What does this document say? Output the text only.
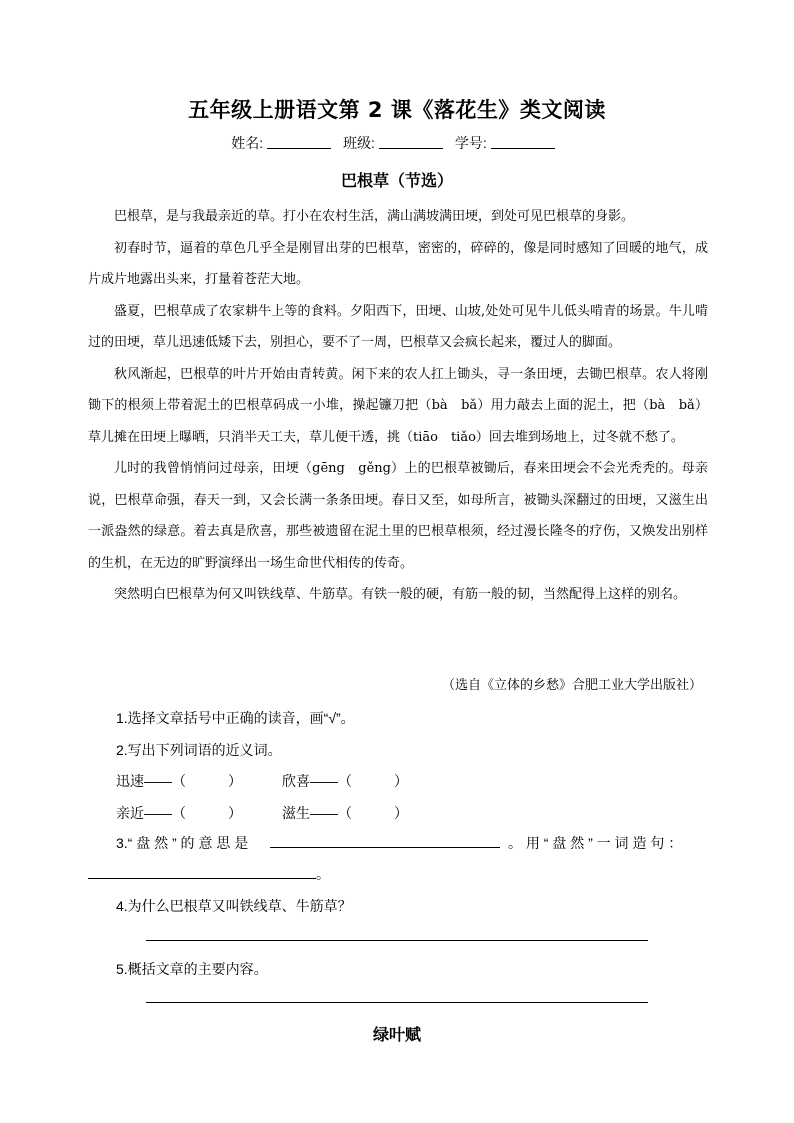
五年级上册语文第 2 课《落花生》类文阅读
姓名:	班级:	学号:
巴根草（节选）

巴根草，是与我最亲近的草。打小在农村生活，满山满坡满田埂，到处可见巴根草的身影。

初春时节，逼着的草色几乎全是刚冒出芽的巴根草，密密的，碎碎的，像是同时感知了回暖的地气，成片成片地露出头来，打量着苍茫大地。

盛夏，巴根草成了农家耕牛上等的食料。夕阳西下，田埂、山坡,处处可见牛儿低头啃青的场景。牛儿啃过的田埂，草儿迅速低矮下去，别担心，要不了一周，巴根草又会疯长起来，覆过人的脚面。

秋风渐起，巴根草的叶片开始由青转黄。闲下来的农人扛上锄头，寻一条田埂，去锄巴根草。农人将刚锄下的根须上带着泥土的巴根草码成一小堆，操起镰刀把（bà　bǎ）用力敲去上面的泥土，把（bà　bǎ）草儿摊在田埂上曝晒，只消半天工夫，草儿便干透，挑（tiāo　tiǎo）回去堆到场地上，过冬就不愁了。

儿时的我曾悄悄问过母亲，田埂（gēng　gěng）上的巴根草被锄后，春来田埂会不会光秃秃的。母亲说，巴根草命强，春天一到，又会长满一条条田埂。春日又至，如母所言，被锄头深翻过的田埂，又滋生出一派盎然的绿意。着去真是欣喜，那些被遗留在泥土里的巴根草根须，经过漫长隆冬的疗伤，又焕发出别样的生机，在无边的旷野演绎出一场生命世代相传的传奇。

突然明白巴根草为何又叫铁线草、牛筋草。有铁一般的硬，有筋一般的韧，当然配得上这样的别名。

（选自《立体的乡愁》合肥工业大学出版社）
1.选择文章括号中正确的读音，画“√”。
2.写出下列词语的近义词。
迅速——（　　　）	欣喜——（　　　）
亲近——（　　　）	滋生——（　　　）
3.“ 盘 然 ” 的 意 思 是	。 用 “ 盘 然 ” 一 词 造 句 ：
。
4.为什么巴根草又叫铁线草、牛筋草？
5.概括文章的主要内容。
绿叶赋
